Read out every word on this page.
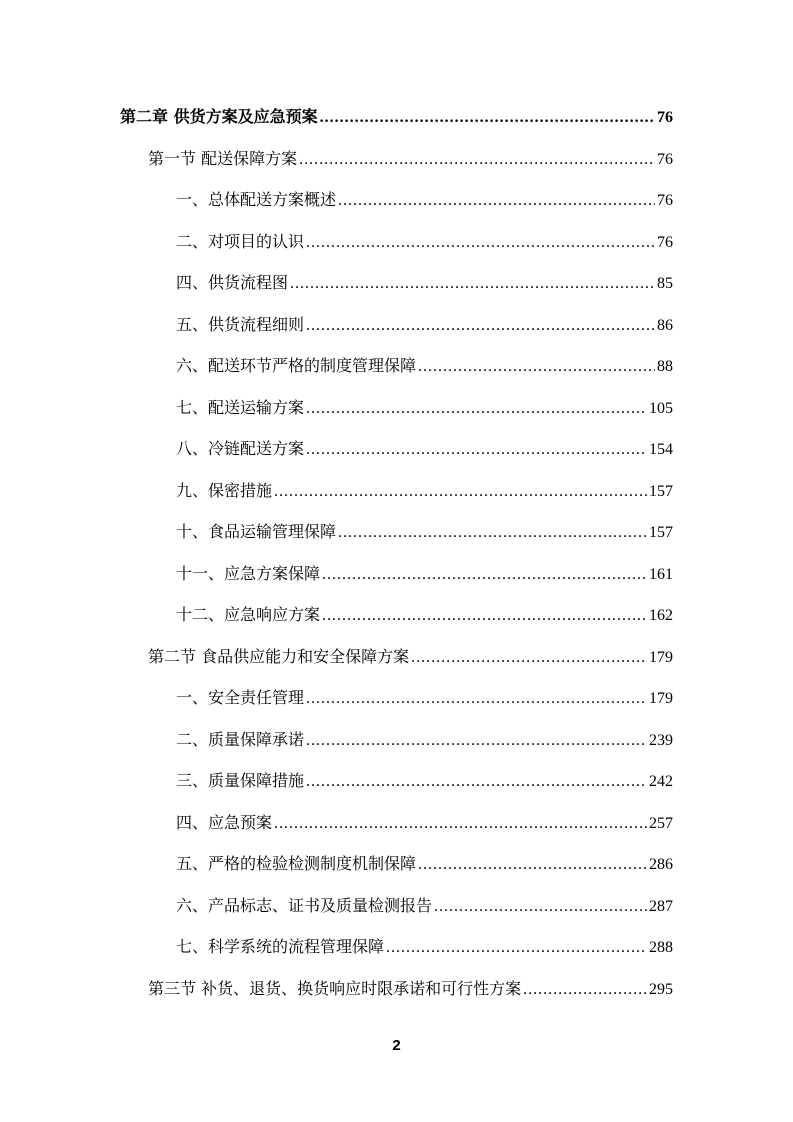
第二章 供货方案及应急预案 .....	76
第一节 配送保障方案 .....	76
一、总体配送方案概述 .....	76
二、对项目的认识 .....	76
四、供货流程图 .....	85
五、供货流程细则 .....	86
六、配送环节严格的制度管理保障 .....	88
七、配送运输方案 .....	105
八、冷链配送方案 .....	154
九、保密措施 .....	157
十、食品运输管理保障 .....	157
十一、应急方案保障 .....	161
十二、应急响应方案 .....	162
第二节 食品供应能力和安全保障方案 .....	179
一、安全责任管理 .....	179
二、质量保障承诺 .....	239
三、质量保障措施 .....	242
四、应急预案 .....	257
五、严格的检验检测制度机制保障 .....	286
六、产品标志、证书及质量检测报告 .....	287
七、科学系统的流程管理保障 .....	288
第三节 补货、退货、换货响应时限承诺和可行性方案 .....	295
2
